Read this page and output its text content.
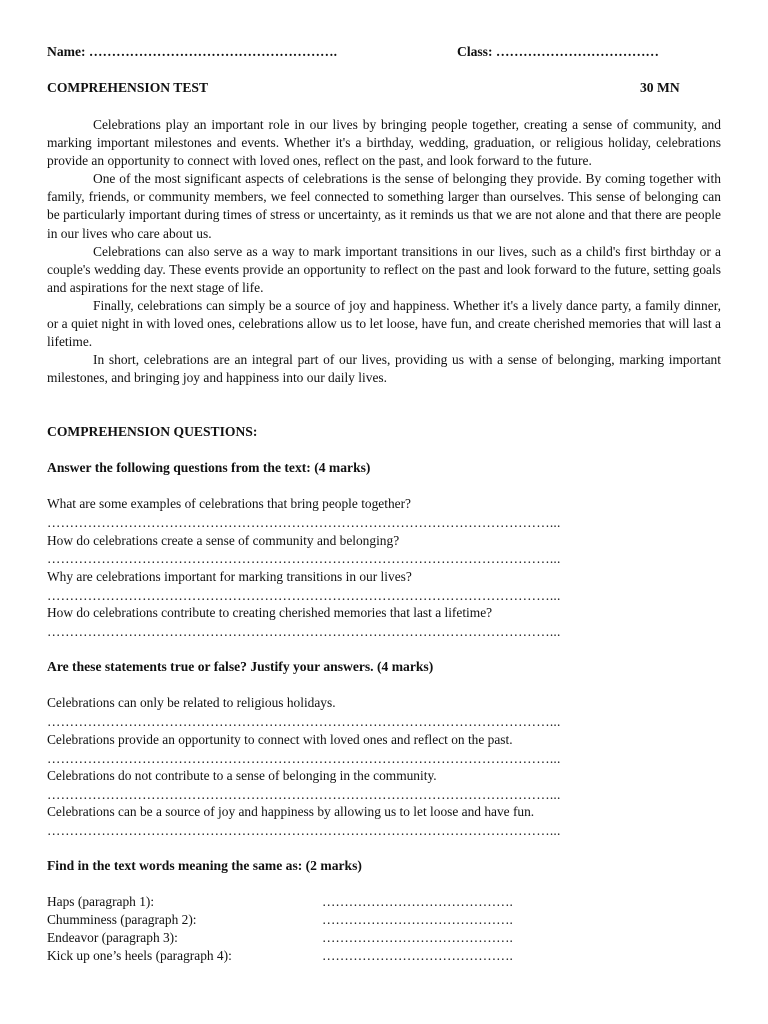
Name: ……………………………………………….	Class: ………………………………
COMPREHENSION TEST	30 MN

Celebrations play an important role in our lives by bringing people together, creating a sense of community, and marking important milestones and events. Whether it's a birthday, wedding, graduation, or religious holiday, celebrations provide an opportunity to connect with loved ones, reflect on the past, and look forward to the future.

One of the most significant aspects of celebrations is the sense of belonging they provide. By coming together with family, friends, or community members, we feel connected to something larger than ourselves. This sense of belonging can be particularly important during times of stress or uncertainty, as it reminds us that we are not alone and that there are people in our lives who care about us.

Celebrations can also serve as a way to mark important transitions in our lives, such as a child's first birthday or a couple's wedding day. These events provide an opportunity to reflect on the past and look forward to the future, setting goals and aspirations for the next stage of life.

Finally, celebrations can simply be a source of joy and happiness. Whether it's a lively dance party, a family dinner, or a quiet night in with loved ones, celebrations allow us to let loose, have fun, and create cherished memories that will last a lifetime.

In short, celebrations are an integral part of our lives, providing us with a sense of belonging, marking important milestones, and bringing joy and happiness into our daily lives.

COMPREHENSION QUESTIONS:
Answer the following questions from the text: (4 marks)
What are some examples of celebrations that bring people together?
…………………………………………………………………………………………………...
How do celebrations create a sense of community and belonging?
…………………………………………………………………………………………………...
Why are celebrations important for marking transitions in our lives?
…………………………………………………………………………………………………...
How do celebrations contribute to creating cherished memories that last a lifetime?
…………………………………………………………………………………………………...
Are these statements true or false? Justify your answers. (4 marks)
Celebrations can only be related to religious holidays.
…………………………………………………………………………………………………...
Celebrations provide an opportunity to connect with loved ones and reflect on the past.
…………………………………………………………………………………………………...
Celebrations do not contribute to a sense of belonging in the community.
…………………………………………………………………………………………………...
Celebrations can be a source of joy and happiness by allowing us to let loose and have fun.
…………………………………………………………………………………………………...
Find in the text words meaning the same as: (2 marks)
Haps (paragraph 1):	…………………………………….
Chumminess (paragraph 2):	…………………………………….
Endeavor (paragraph 3):	…………………………………….
Kick up one’s heels (paragraph 4):	…………………………………….
